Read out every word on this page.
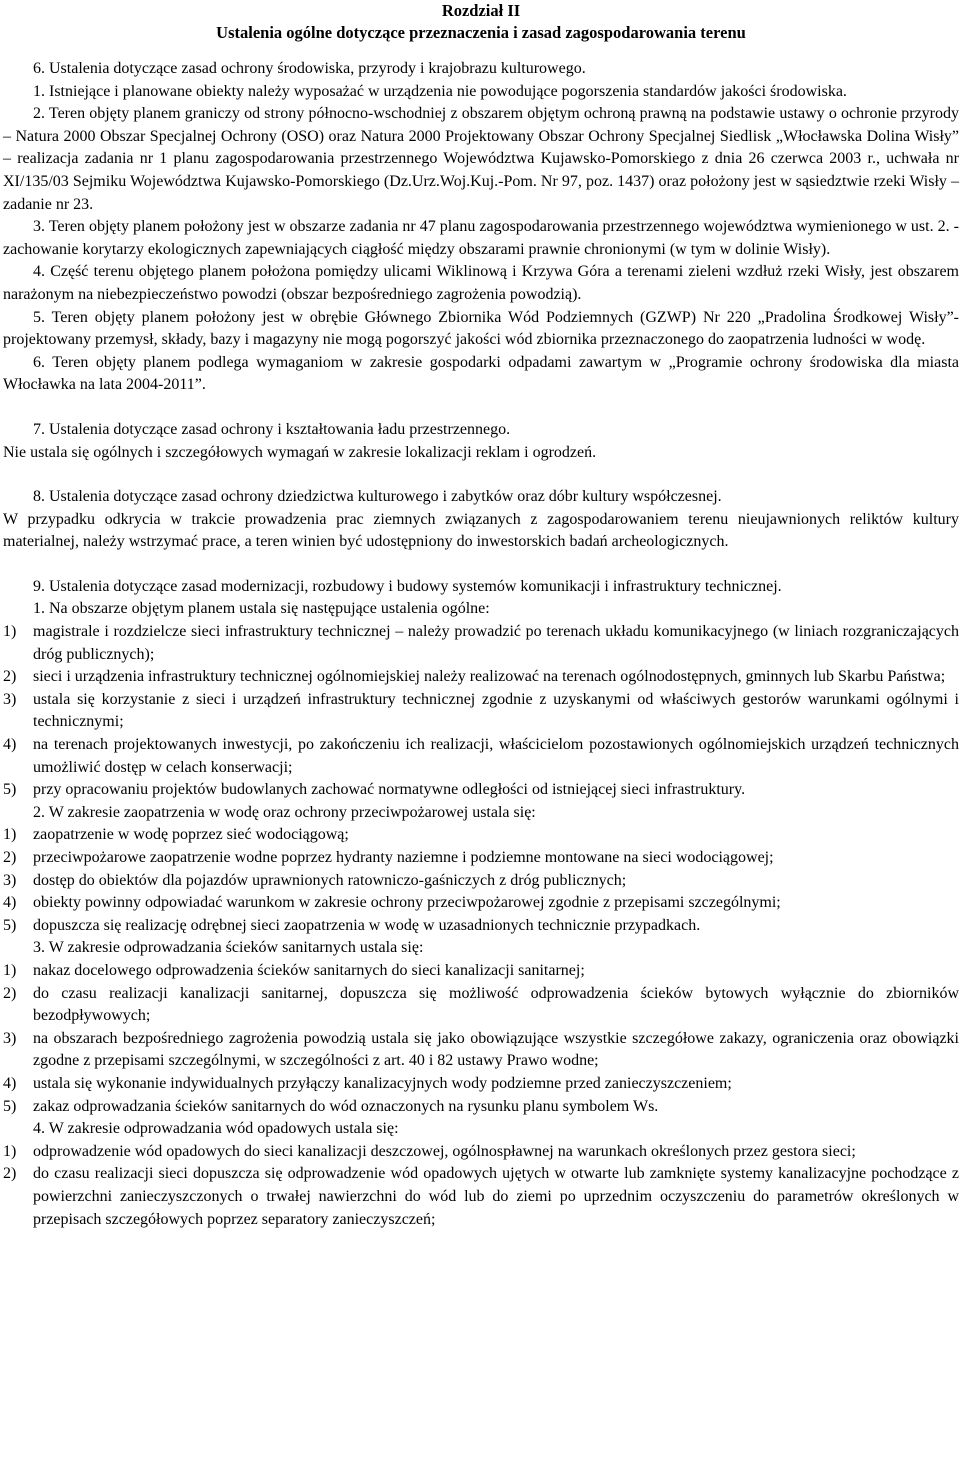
Rozdział II
Ustalenia ogólne dotyczące przeznaczenia i zasad zagospodarowania terenu

6. Ustalenia dotyczące zasad ochrony środowiska, przyrody i krajobrazu kulturowego.

1. Istniejące i planowane obiekty należy wyposażać w urządzenia nie powodujące pogorszenia standardów jakości środowiska.

2. Teren objęty planem graniczy od strony północno-wschodniej z obszarem objętym ochroną prawną na podstawie ustawy o ochronie przyrody – Natura 2000 Obszar Specjalnej Ochrony (OSO) oraz Natura 2000 Projektowany Obszar Ochrony Specjalnej Siedlisk „Włocławska Dolina Wisły” – realizacja zadania nr 1 planu zagospodarowania przestrzennego Województwa Kujawsko-Pomorskiego z dnia 26 czerwca 2003 r., uchwała nr XI/135/03 Sejmiku Województwa Kujawsko-Pomorskiego (Dz.Urz.Woj.Kuj.-Pom. Nr 97, poz. 1437) oraz położony jest w sąsiedztwie rzeki Wisły – zadanie nr 23.

3. Teren objęty planem położony jest w obszarze zadania nr 47 planu zagospodarowania przestrzennego województwa wymienionego w ust. 2. - zachowanie korytarzy ekologicznych zapewniających ciągłość między obszarami prawnie chronionymi (w tym w dolinie Wisły).

4. Część terenu objętego planem położona pomiędzy ulicami Wiklinową i Krzywa Góra a terenami zieleni wzdłuż rzeki Wisły, jest obszarem narażonym na niebezpieczeństwo powodzi (obszar bezpośredniego zagrożenia powodzią).

5. Teren objęty planem położony jest w obrębie Głównego Zbiornika Wód Podziemnych (GZWP) Nr 220 „Pradolina Środkowej Wisły”- projektowany przemysł, składy, bazy i magazyny nie mogą pogorszyć jakości wód zbiornika przeznaczonego do zaopatrzenia ludności w wodę.

6. Teren objęty planem podlega wymaganiom w zakresie gospodarki odpadami zawartym w „Programie ochrony środowiska dla miasta Włocławka na lata 2004-2011”.

7. Ustalenia dotyczące zasad ochrony i kształtowania ładu przestrzennego.

Nie ustala się ogólnych i szczegółowych wymagań w zakresie lokalizacji reklam i ogrodzeń.

8. Ustalenia dotyczące zasad ochrony dziedzictwa kulturowego i zabytków oraz dóbr kultury współczesnej.

W przypadku odkrycia w trakcie prowadzenia prac ziemnych związanych z zagospodarowaniem terenu nieujawnionych reliktów kultury materialnej, należy wstrzymać prace, a teren winien być udostępniony do inwestorskich badań archeologicznych.

9. Ustalenia dotyczące zasad modernizacji, rozbudowy i budowy systemów komunikacji i infrastruktury technicznej.

1. Na obszarze objętym planem ustala się następujące ustalenia ogólne:

1)	magistrale i rozdzielcze sieci infrastruktury technicznej – należy prowadzić po terenach układu komunikacyjnego (w liniach rozgraniczających dróg publicznych);
2)	sieci i urządzenia infrastruktury technicznej ogólnomiejskiej należy realizować na terenach ogólnodostępnych, gminnych lub Skarbu Państwa;
3)	ustala się korzystanie z sieci i urządzeń infrastruktury technicznej zgodnie z uzyskanymi od właściwych gestorów warunkami ogólnymi i technicznymi;
4)	na terenach projektowanych inwestycji, po zakończeniu ich realizacji, właścicielom pozostawionych ogólnomiejskich urządzeń technicznych umożliwić dostęp w celach konserwacji;
5)	przy opracowaniu projektów budowlanych zachować normatywne odległości od istniejącej sieci infrastruktury.

2. W zakresie zaopatrzenia w wodę oraz ochrony przeciwpożarowej ustala się:

1)	zaopatrzenie w wodę poprzez sieć wodociągową;
2)	przeciwpożarowe zaopatrzenie wodne poprzez hydranty naziemne i podziemne montowane na sieci wodociągowej;
3)	dostęp do obiektów dla pojazdów uprawnionych ratowniczo-gaśniczych z dróg publicznych;
4)	obiekty powinny odpowiadać warunkom w zakresie ochrony przeciwpożarowej zgodnie z przepisami szczególnymi;
5)	dopuszcza się realizację odrębnej sieci zaopatrzenia w wodę w uzasadnionych technicznie przypadkach.

3. W zakresie odprowadzania ścieków sanitarnych ustala się:

1)	nakaz docelowego odprowadzenia ścieków sanitarnych do sieci kanalizacji sanitarnej;
2)	do czasu realizacji kanalizacji sanitarnej, dopuszcza się możliwość odprowadzenia ścieków bytowych wyłącznie do zbiorników bezodpływowych;
3)	na obszarach bezpośredniego zagrożenia powodzią ustala się jako obowiązujące wszystkie szczegółowe zakazy, ograniczenia oraz obowiązki zgodne z przepisami szczególnymi, w szczególności z art. 40 i 82 ustawy Prawo wodne;
4)	ustala się wykonanie indywidualnych przyłączy kanalizacyjnych wody podziemne przed zanieczyszczeniem;
5)	zakaz odprowadzania ścieków sanitarnych do wód oznaczonych na rysunku planu symbolem Ws.

4. W zakresie odprowadzania wód opadowych ustala się:

1)	odprowadzenie wód opadowych do sieci kanalizacji deszczowej, ogólnospławnej na warunkach określonych przez gestora sieci;
2)	do czasu realizacji sieci dopuszcza się odprowadzenie wód opadowych ujętych w otwarte lub zamknięte systemy kanalizacyjne pochodzące z powierzchni zanieczyszczonych o trwałej nawierzchni do wód lub do ziemi po uprzednim oczyszczeniu do parametrów określonych w przepisach szczegółowych poprzez separatory zanieczyszczeń;
